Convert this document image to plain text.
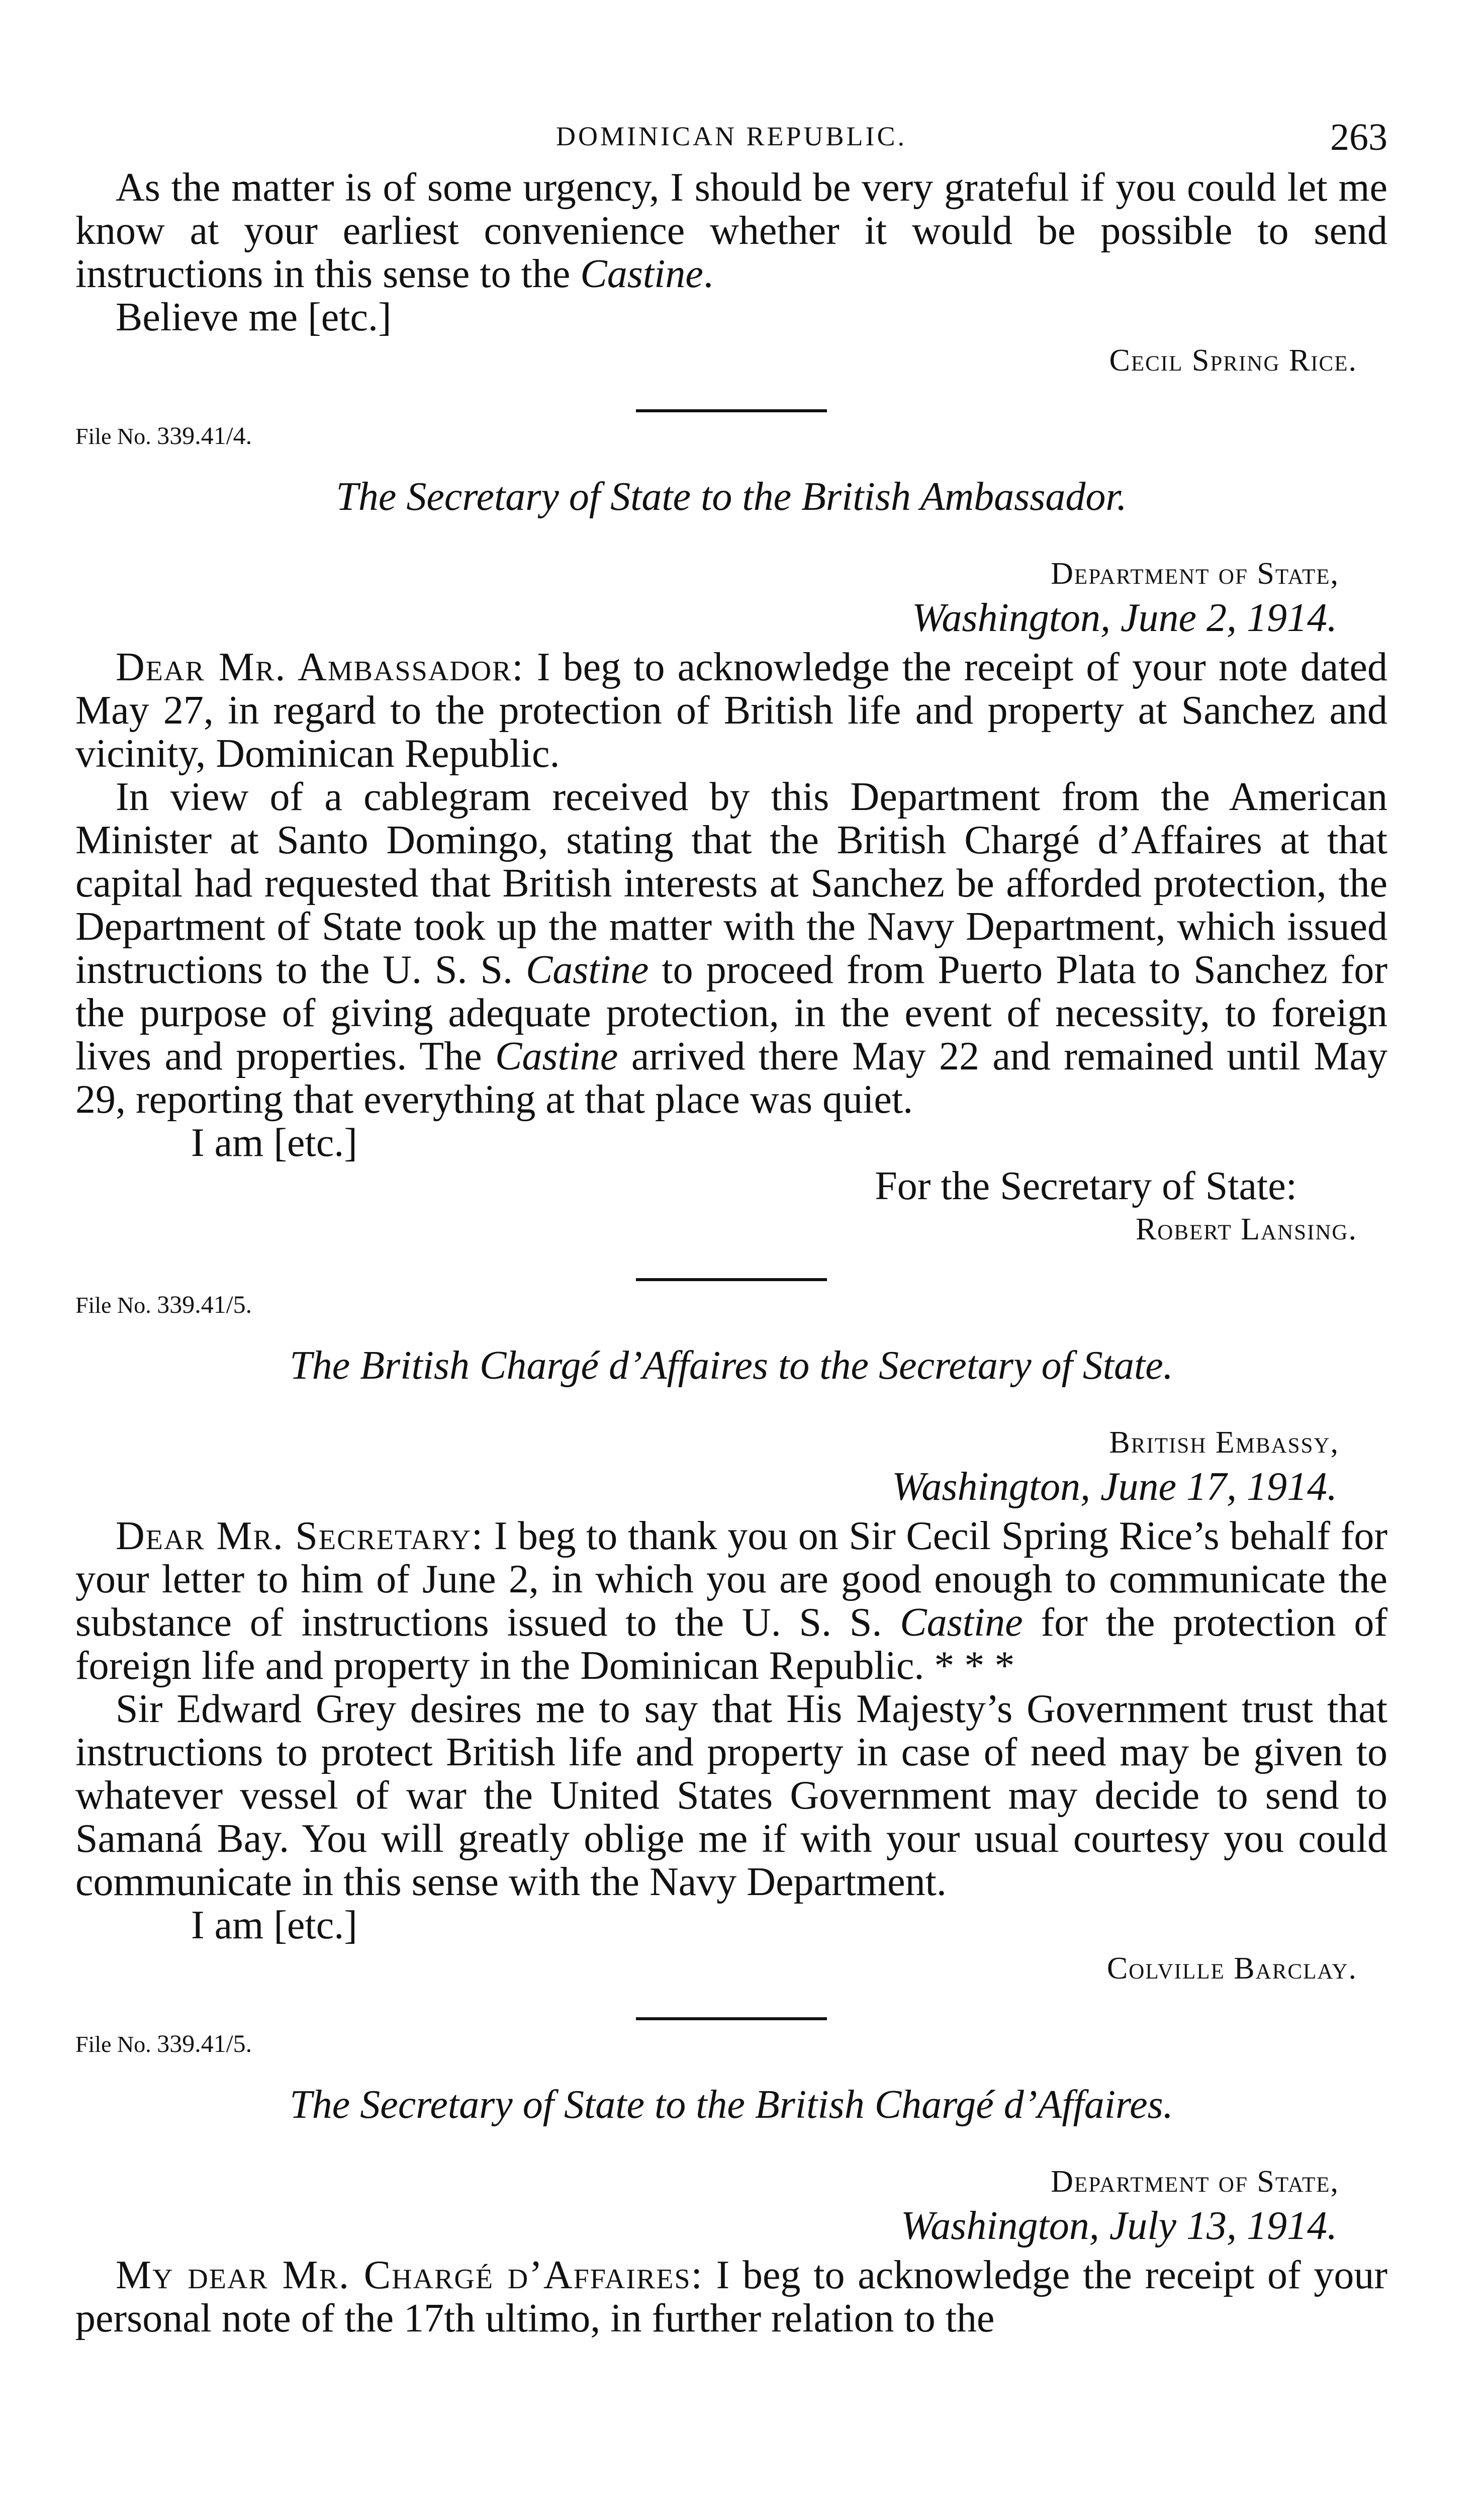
DOMINICAN REPUBLIC.	263

As the matter is of some urgency, I should be very grateful if you could let me know at your earliest convenience whether it would be possible to send instructions in this sense to the Castine.

Believe me [etc.]

Cecil Spring Rice.

File No. 339.41/4.

The Secretary of State to the British Ambassador.

Department of State,

Washington, June 2, 1914.

Dear Mr. Ambassador: I beg to acknowledge the receipt of your note dated May 27, in regard to the protection of British life and property at Sanchez and vicinity, Dominican Republic.

In view of a cablegram received by this Department from the American Minister at Santo Domingo, stating that the British Chargé d’Affaires at that capital had requested that British interests at Sanchez be afforded protection, the Department of State took up the matter with the Navy Department, which issued instructions to the U. S. S. Castine to proceed from Puerto Plata to Sanchez for the purpose of giving adequate protection, in the event of necessity, to foreign lives and properties. The Castine arrived there May 22 and remained until May 29, reporting that everything at that place was quiet.

I am [etc.]

For the Secretary of State:

Robert Lansing.

File No. 339.41/5.

The British Chargé d’Affaires to the Secretary of State.

British Embassy,

Washington, June 17, 1914.

Dear Mr. Secretary: I beg to thank you on Sir Cecil Spring Rice’s behalf for your letter to him of June 2, in which you are good enough to communicate the substance of instructions issued to the U. S. S. Castine for the protection of foreign life and property in the Dominican Republic. * * *

Sir Edward Grey desires me to say that His Majesty’s Government trust that instructions to protect British life and property in case of need may be given to whatever vessel of war the United States Government may decide to send to Samaná Bay. You will greatly oblige me if with your usual courtesy you could communicate in this sense with the Navy Department.

I am [etc.]

Colville Barclay.

File No. 339.41/5.

The Secretary of State to the British Chargé d’Affaires.

Department of State,

Washington, July 13, 1914.

My dear Mr. Chargé d’Affaires: I beg to acknowledge the receipt of your personal note of the 17th ultimo, in further relation to the
